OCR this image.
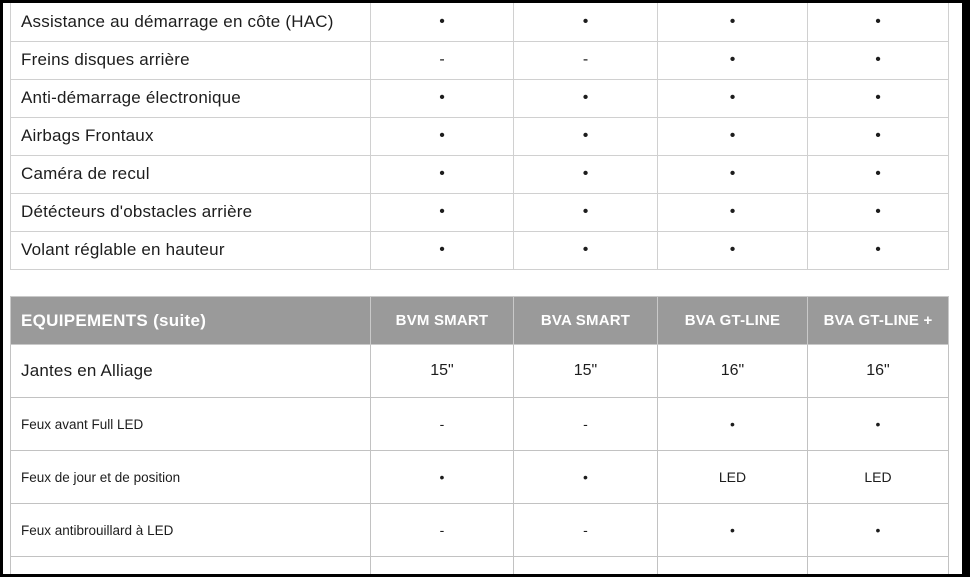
Assistance au démarrage en côte (HAC)	•	•	•	•
Freins disques arrière	-	-	•	•
Anti-démarrage électronique	•	•	•	•
Airbags Frontaux	•	•	•	•
Caméra de recul	•	•	•	•
Détécteurs d'obstacles arrière	•	•	•	•
Volant réglable en hauteur	•	•	•	•
EQUIPEMENTS (suite)	BVM SMART	BVA SMART	BVA GT-LINE	BVA GT-LINE +
Jantes en Alliage	15"	15"	16"	16"
Feux avant Full LED	-	-	•	•
Feux de jour et de position	•	•	LED	LED
Feux antibrouillard à LED	-	-	•	•
